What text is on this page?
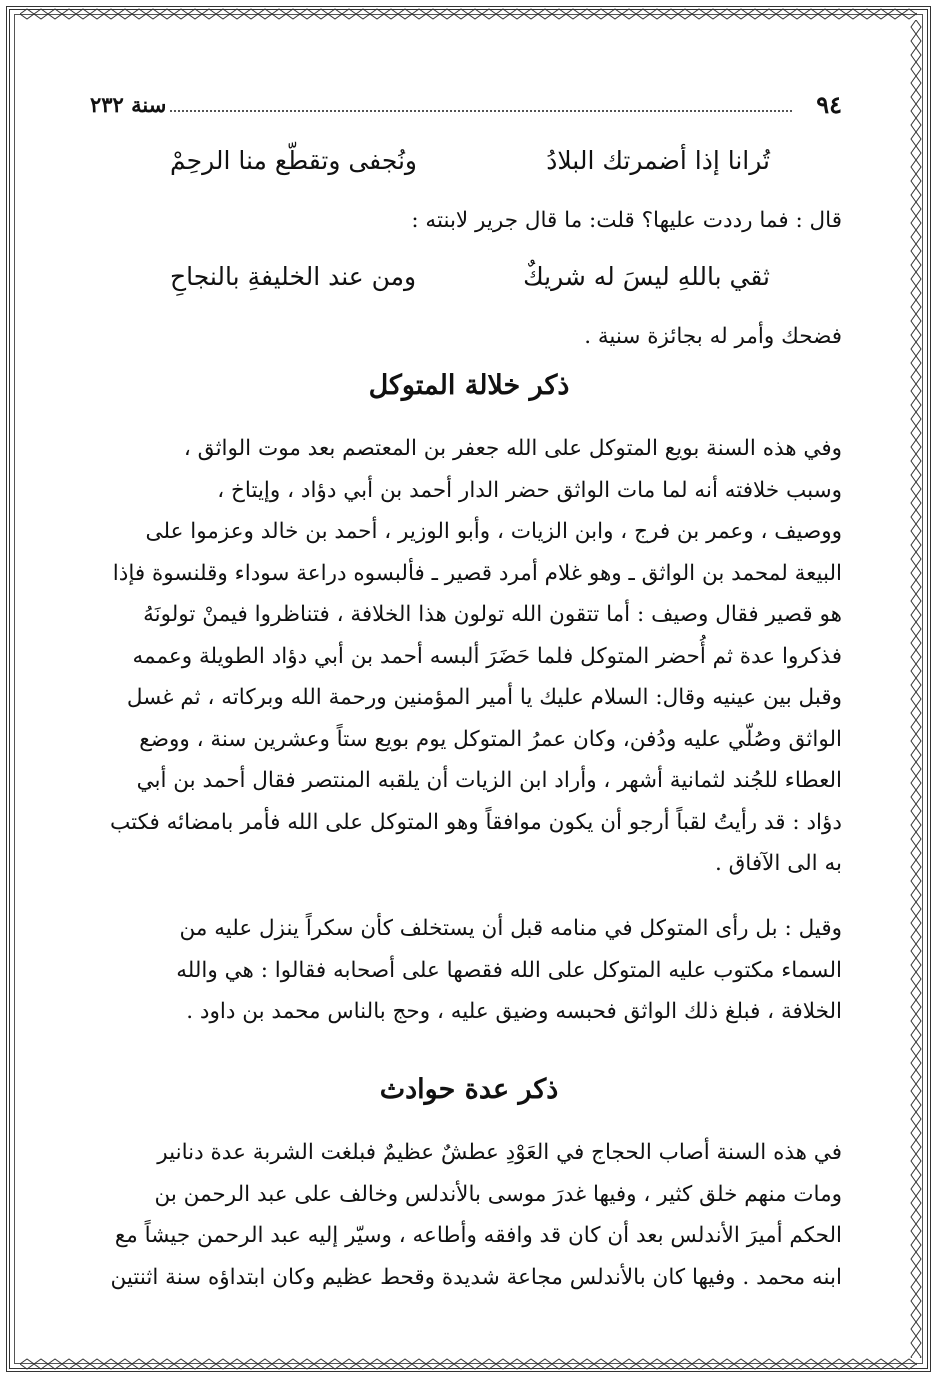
٩٤
سنة ٢٣٢
تُرانا إذا أضمرتك البلادُ
ونُجفى وتقطّع منا الرحِمْ

قال : فما رددت عليها؟ قلت: ما قال جرير لابنته :

ثقي باللهِ ليسَ له شريكٌ
ومن عند الخليفةِ بالنجاحِ

فضحك وأمر له بجائزة سنية .

ذكر خلالة المتوكل

وفي هذه السنة بويع المتوكل على الله جعفر بن المعتصم بعد موت الواثق ،

وسبب خلافته أنه لما مات الواثق حضر الدار أحمد بن أبي دؤاد ، وإيتاخ ،

ووصيف ، وعمر بن فرج ، وابن الزيات ، وأبو الوزير ، أحمد بن خالد وعزموا على

البيعة لمحمد بن الواثق ـ وهو غلام أمرد قصير ـ فألبسوه دراعة سوداء وقلنسوة فإذا

هو قصير فقال وصيف : أما تتقون الله تولون هذا الخلافة ، فتناظروا فيمنْ تولونَهُ

فذكروا عدة ثم أُحضر المتوكل فلما حَضَرَ ألبسه أحمد بن أبي دؤاد الطويلة وعممه

وقبل بين عينيه وقال: السلام عليك يا أمير المؤمنين ورحمة الله وبركاته ، ثم غسل

الواثق وصُلّي عليه ودُفن، وكان عمرُ المتوكل يوم بويع ستاً وعشرين سنة ، ووضع

العطاء للجُند لثمانية أشهر ، وأراد ابن الزيات أن يلقبه المنتصر فقال أحمد بن أبي

دؤاد : قد رأيتُ لقباً أرجو أن يكون موافقاً وهو المتوكل على الله فأمر بامضائه فكتب

به الى الآفاق .

وقيل : بل رأى المتوكل في منامه قبل أن يستخلف كأن سكراً ينزل عليه من

السماء مكتوب عليه المتوكل على الله فقصها على أصحابه فقالوا : هي والله

الخلافة ، فبلغ ذلك الواثق فحبسه وضيق عليه ، وحج بالناس محمد بن داود .

ذكر عدة حوادث

في هذه السنة أصاب الحجاج في العَوْدِ عطشٌ عظيمٌ فبلغت الشربة عدة دنانير

ومات منهم خلق كثير ، وفيها غدرَ موسى بالأندلس وخالف على عبد الرحمن بن

الحكم أميرَ الأندلس بعد أن كان قد وافقه وأطاعه ، وسيّر إليه عبد الرحمن جيشاً مع

ابنه محمد . وفيها كان بالأندلس مجاعة شديدة وقحط عظيم وكان ابتداؤه سنة اثنتين
